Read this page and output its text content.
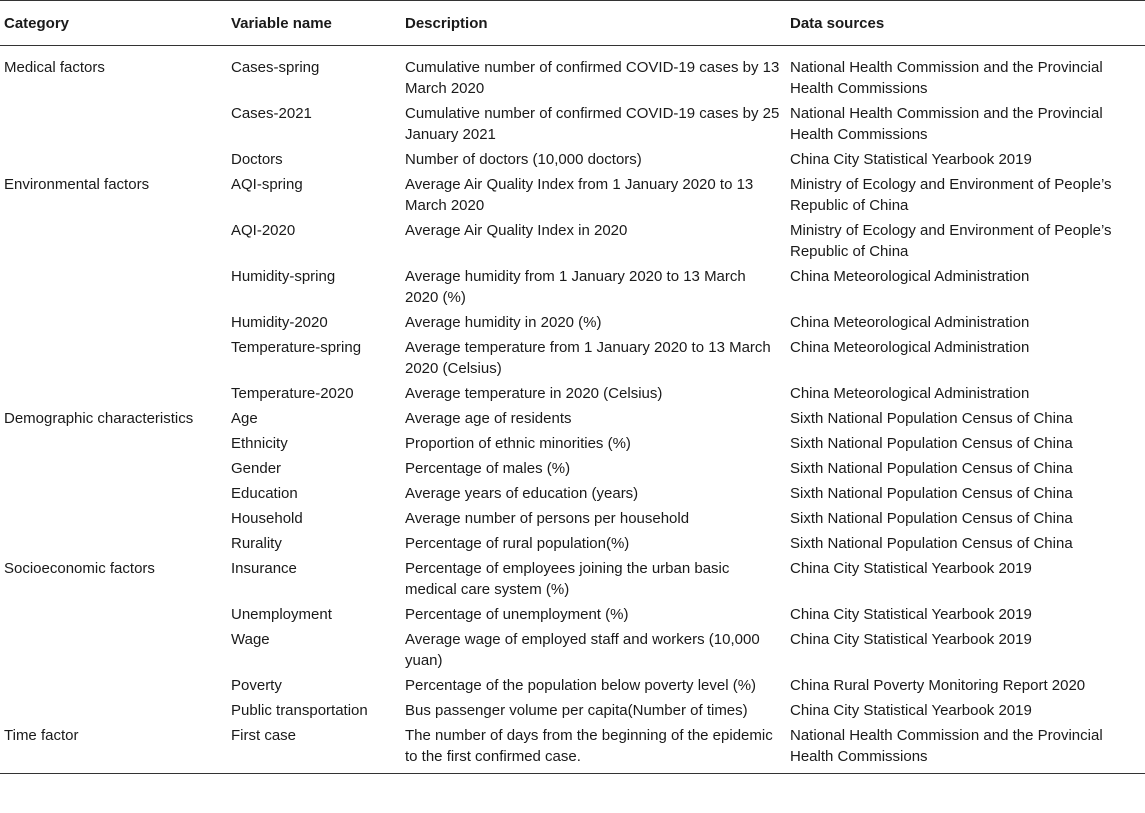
Category	Variable name	Description	Data sources
Medical factors	Cases-spring	Cumulative number of confirmed COVID-19 cases by 13 March 2020	National Health Commission and the Provincial Health Commissions
	Cases-2021	Cumulative number of confirmed COVID-19 cases by 25 January 2021	National Health Commission and the Provincial Health Commissions
	Doctors	Number of doctors (10,000 doctors)	China City Statistical Yearbook 2019
Environmental factors	AQI-spring	Average Air Quality Index from 1 January 2020 to 13 March 2020	Ministry of Ecology and Environment of People’s Republic of China
	AQI-2020	Average Air Quality Index in 2020	Ministry of Ecology and Environment of People’s Republic of China
	Humidity-spring	Average humidity from 1 January 2020 to 13 March 2020 (%)	China Meteorological Administration
	Humidity-2020	Average humidity in 2020 (%)	China Meteorological Administration
	Temperature-spring	Average temperature from 1 January 2020 to 13 March 2020 (Celsius)	China Meteorological Administration
	Temperature-2020	Average temperature in 2020 (Celsius)	China Meteorological Administration
Demographic characteristics	Age	Average age of residents	Sixth National Population Census of China
	Ethnicity	Proportion of ethnic minorities (%)	Sixth National Population Census of China
	Gender	Percentage of males (%)	Sixth National Population Census of China
	Education	Average years of education (years)	Sixth National Population Census of China
	Household	Average number of persons per household	Sixth National Population Census of China
	Rurality	Percentage of rural population(%)	Sixth National Population Census of China
Socioeconomic factors	Insurance	Percentage of employees joining the urban basic medical care system (%)	China City Statistical Yearbook 2019
	Unemployment	Percentage of unemployment (%)	China City Statistical Yearbook 2019
	Wage	Average wage of employed staff and workers (10,000 yuan)	China City Statistical Yearbook 2019
	Poverty	Percentage of the population below poverty level (%)	China Rural Poverty Monitoring Report 2020
	Public transportation	Bus passenger volume per capita(Number of times)	China City Statistical Yearbook 2019
Time factor	First case	The number of days from the beginning of the epidemic to the first confirmed case.	National Health Commission and the Provincial Health Commissions
